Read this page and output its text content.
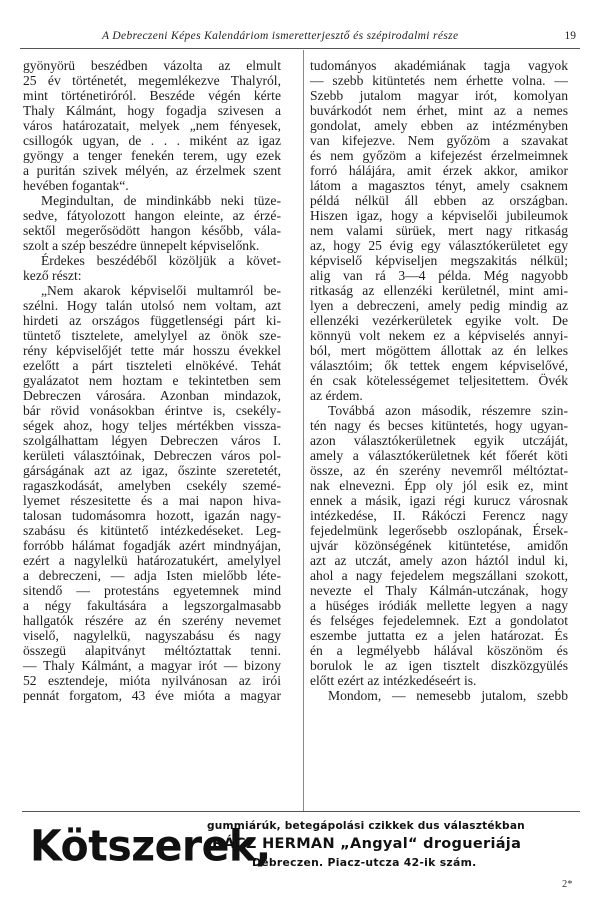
A Debreczeni Képes Kalendáriom ismeretterjesztő és szépirodalmi része	19
gyönyörü beszédben vázolta az elmult
25 év történetét, megemlékezve Thalyról,
mint történetiróról. Beszéde végén kérte
Thaly Kálmánt, hogy fogadja szivesen a
város határozatait, melyek „nem fényesek,
csillogók ugyan, de . . . miként az igaz
gyöngy a tenger fenekén terem, ugy ezek
a puritán szivek mélyén, az érzelmek szent
hevében fogantak“.
Megindultan, de mindinkább neki tüze-
sedve, fátyolozott hangon eleinte, az érzé-
sektől megerősödött hangon később, vála-
szolt a szép beszédre ünnepelt képviselőnk.
Érdekes beszédéből közöljük a követ-
kező részt:
„Nem akarok képviselői multamról be-
szélni. Hogy talán utolsó nem voltam, azt
hirdeti az országos függetlenségi párt ki-
tüntető tisztelete, amelylyel az önök sze-
rény képviselőjét tette már hosszu évekkel
ezelőtt a párt tiszteleti elnökévé. Tehát
gyalázatot nem hoztam e tekintetben sem
Debreczen városára. Azonban mindazok,
bár rövid vonásokban érintve is, csekély-
ségek ahoz, hogy teljes mértékben vissza-
szolgálhattam légyen Debreczen város I.
kerületi választóinak, Debreczen város pol-
gárságának azt az igaz, őszinte szeretetét,
ragaszkodását, amelyben csekély szemé-
lyemet részesitette és a mai napon hiva-
talosan tudomásomra hozott, igazán nagy-
szabásu és kitüntető intézkedéseket. Leg-
forróbb hálámat fogadják azért mindnyájan,
ezért a nagylelkü határozatukért, amelylyel
a debreczeni, — adja Isten mielőbb léte-
sitendő — protestáns egyetemnek mind
a négy fakultására a legszorgalmasabb
hallgatók részére az én szerény nevemet
viselő, nagylelkü, nagyszabásu és nagy
összegü alapitványt méltóztattak tenni.
— Thaly Kálmánt, a magyar irót — bizony
52 esztendeje, mióta nyilvánosan az irói
pennát forgatom, 43 éve mióta a magyar
tudományos akadémiának tagja vagyok
— szebb kitüntetés nem érhette volna. —
Szebb jutalom magyar irót, komolyan
buvárkodót nem érhet, mint az a nemes
gondolat, amely ebben az intézményben
van kifejezve. Nem győzöm a szavakat
és nem győzöm a kifejezést érzelmeimnek
forró hálájára, amit érzek akkor, amikor
látom a magasztos tényt, amely csaknem
példá nélkül áll ebben az országban.
Hiszen igaz, hogy a képviselői jubileumok
nem valami sürüek, mert nagy ritkaság
az, hogy 25 évig egy választókerületet egy
képviselő képviseljen megszakitás nélkül;
alig van rá 3—4 példa. Még nagyobb
ritkaság az ellenzéki kerületnél, mint ami-
lyen a debreczeni, amely pedig mindig az
ellenzéki vezérkerületek egyike volt. De
könnyü volt nekem ez a képviselés annyi-
ból, mert mögöttem állottak az én lelkes
választóim; ők tettek engem képviselővé,
én csak kötelességemet teljesitettem. Övék
az érdem.
Továbbá azon második, részemre szin-
tén nagy és becses kitüntetés, hogy ugyan-
azon választókerületnek egyik utczáját,
amely a választókerületnek két főerét köti
össze, az én szerény nevemről méltóztat-
nak elnevezni. Épp oly jól esik ez, mint
ennek a másik, igazi régi kurucz városnak
intézkedése, II. Rákóczi Ferencz nagy
fejedelmünk legerősebb oszlopának, Érsek-
ujvár közönségének kitüntetése, amidőn
azt az utczát, amely azon háztól indul ki,
ahol a nagy fejedelem megszállani szokott,
nevezte el Thaly Kálmán-utczának, hogy
a hüséges iródiák mellette legyen a nagy
és felséges fejedelemnek. Ezt a gondolatot
eszembe juttatta ez a jelen határozat. És
én a legmélyebb hálával köszönöm és
borulok le az igen tisztelt diszközgyülés
előtt ezért az intézkedéseért is.
Mondom, — nemesebb jutalom, szebb
Kötszerek,
gummiárúk, betegápolási czikkek dus választékban
RÁCZ HERMAN „Angyal“ drogueriája
Debreczen. Piacz-utcza 42-ik szám.
2*
